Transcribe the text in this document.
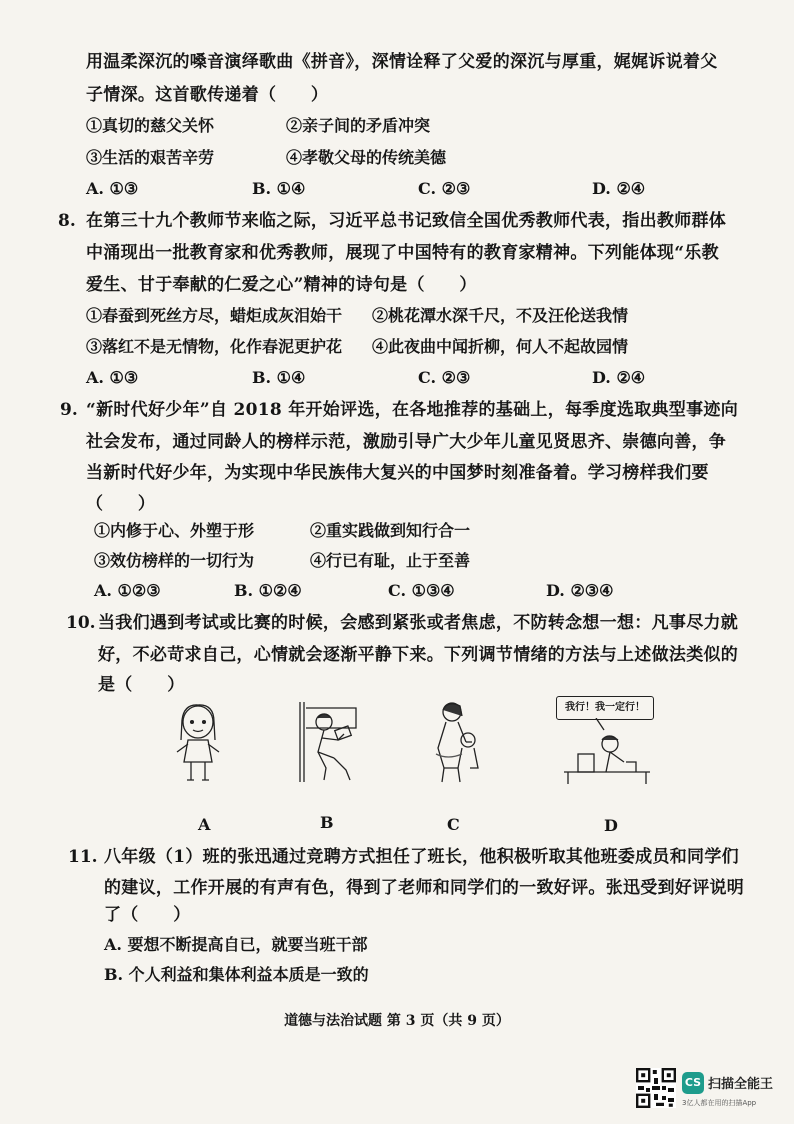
用温柔深沉的嗓音演绎歌曲《拼音》，深情诠释了父爱的深沉与厚重，娓娓诉说着父
子情深。这首歌传递着（　　）
①真切的慈父关怀	②亲子间的矛盾冲突
③生活的艰苦辛劳	④孝敬父母的传统美德
A. ①③	B. ①④	C. ②③	D. ②④
8. 在第三十九个教师节来临之际，习近平总书记致信全国优秀教师代表，指出教师群体
中涌现出一批教育家和优秀教师，展现了中国特有的教育家精神。下列能体现“乐教
爱生、甘于奉献的仁爱之心”精神的诗句是（　　）
①春蚕到死丝方尽，蜡炬成灰泪始干 ②桃花潭水深千尺，不及汪伦送我情
③落红不是无情物，化作春泥更护花 ④此夜曲中闻折柳，何人不起故园情
A. ①③	B. ①④	C. ②③	D. ②④
9. “新时代好少年”自 2018 年开始评选，在各地推荐的基础上，每季度选取典型事迹向
社会发布，通过同龄人的榜样示范，激励引导广大少年儿童见贤思齐、崇德向善，争
当新时代好少年，为实现中华民族伟大复兴的中国梦时刻准备着。学习榜样我们要
（　　）
①内修于心、外塑于形	②重实践做到知行合一
③效仿榜样的一切行为	④行已有耻，止于至善
A. ①②③	B. ①②④	C. ①③④	D. ②③④
10. 当我们遇到考试或比赛的时候，会感到紧张或者焦虑，不防转念想一想：凡事尽力就
好，不必苛求自己，心情就会逐渐平静下来。下列调节情绪的方法与上述做法类似的
是（　　）
我行！我一定行！
A	B	C	D
11. 八年级（1）班的张迅通过竞聘方式担任了班长，他积极听取其他班委成员和同学们
的建议，工作开展的有声有色，得到了老师和同学们的一致好评。张迅受到好评说明
了（　　）
A. 要想不断提高自已，就要当班干部
B. 个人利益和集体利益本质是一致的
道德与法治试题 第 3 页（共 9 页）
CS 扫描全能王
3亿人都在用的扫描App
